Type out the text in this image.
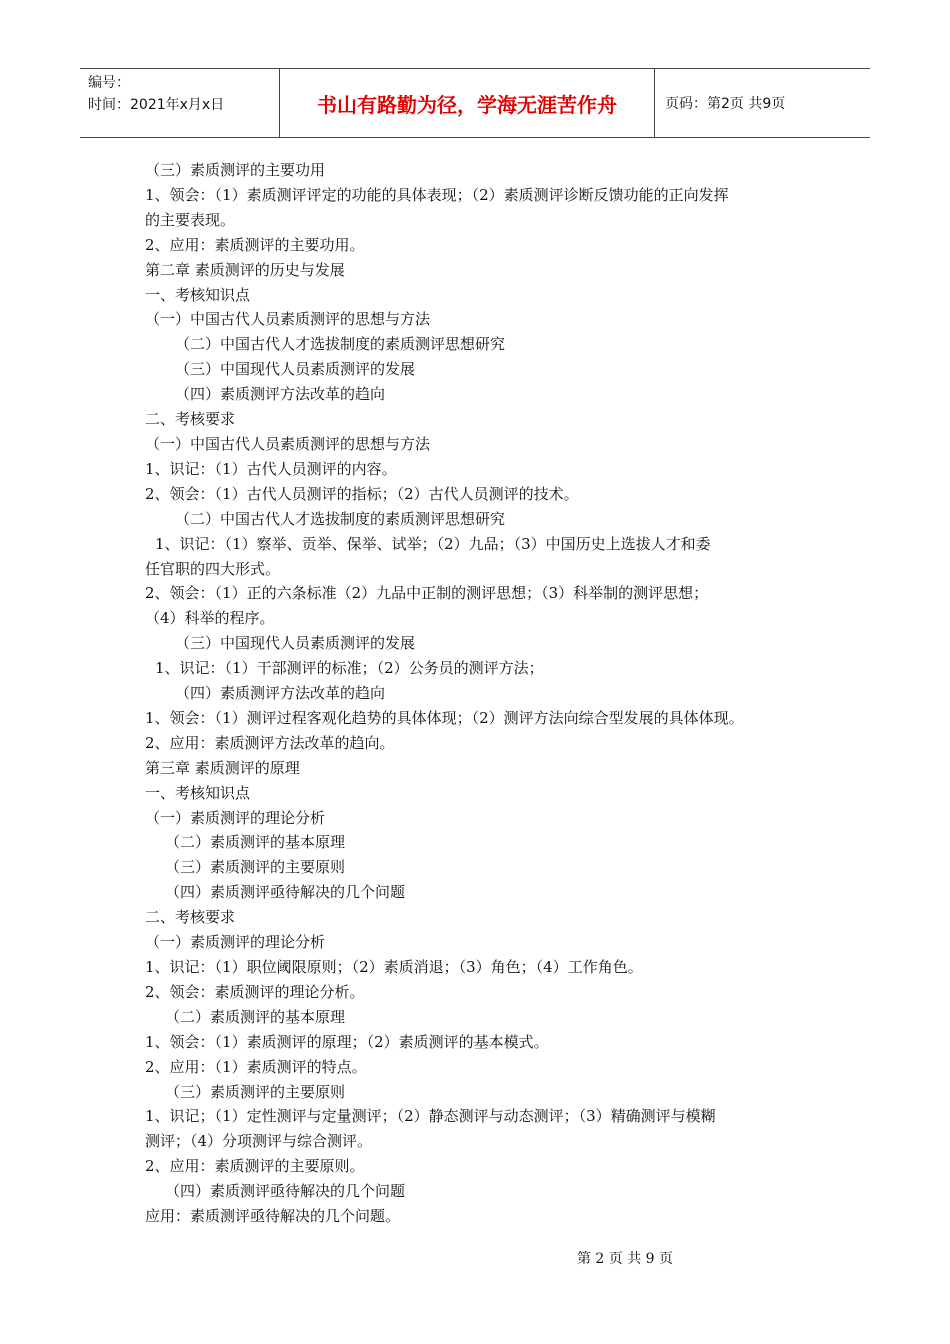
编号：
时间：2021年x月x日	书山有路勤为径，学海无涯苦作舟	页码：第2页 共9页
（三）素质测评的主要功用
1、领会：（1）素质测评评定的功能的具体表现；（2）素质测评诊断反馈功能的正向发挥
的主要表现。
2、应用：素质测评的主要功用。
第二章 素质测评的历史与发展
一、考核知识点
（一）中国古代人员素质测评的思想与方法
（二）中国古代人才选拔制度的素质测评思想研究
（三）中国现代人员素质测评的发展
（四）素质测评方法改革的趋向
二、考核要求
（一）中国古代人员素质测评的思想与方法
1、识记：（1）古代人员测评的内容。
2、领会：（1）古代人员测评的指标；（2）古代人员测评的技术。
（二）中国古代人才选拔制度的素质测评思想研究
1、识记：（1）察举、贡举、保举、试举；（2）九品；（3）中国历史上选拔人才和委
任官职的四大形式。
2、领会：（1）正的六条标准（2）九品中正制的测评思想；（3）科举制的测评思想；
（4）科举的程序。
（三）中国现代人员素质测评的发展
1、识记：（1）干部测评的标准；（2）公务员的测评方法；
（四）素质测评方法改革的趋向
1、领会：（1）测评过程客观化趋势的具体体现；（2）测评方法向综合型发展的具体体现。
2、应用：素质测评方法改革的趋向。
第三章 素质测评的原理
一、考核知识点
（一）素质测评的理论分析
（二）素质测评的基本原理
（三）素质测评的主要原则
（四）素质测评亟待解决的几个问题
二、考核要求
（一）素质测评的理论分析
1、识记：（1）职位阈限原则；（2）素质消退；（3）角色；（4）工作角色。
2、领会：素质测评的理论分析。
（二）素质测评的基本原理
1、领会：（1）素质测评的原理；（2）素质测评的基本模式。
2、应用：（1）素质测评的特点。
（三）素质测评的主要原则
1、识记；（1）定性测评与定量测评；（2）静态测评与动态测评；（3）精确测评与模糊
测评；（4）分项测评与综合测评。
2、应用：素质测评的主要原则。
（四）素质测评亟待解决的几个问题
应用：素质测评亟待解决的几个问题。
第 2 页 共 9 页
